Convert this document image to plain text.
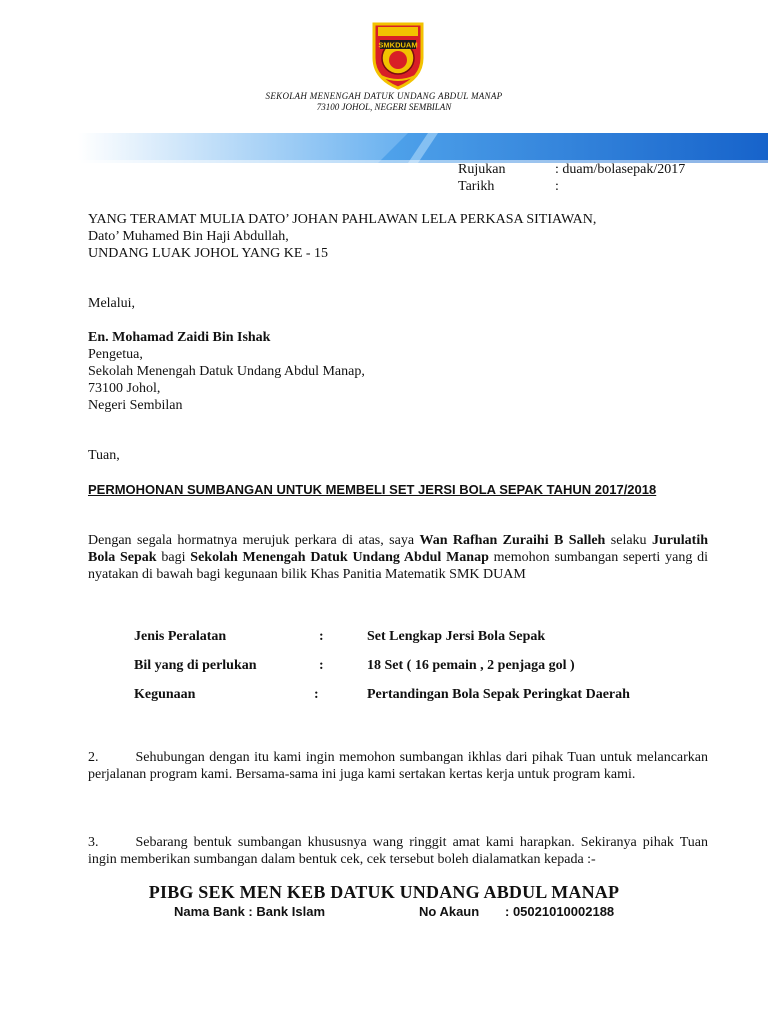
SMKDUAM
SEKOLAH MENENGAH DATUK UNDANG ABDUL MANAP
73100 JOHOL, NEGERI SEMBILAN
Rujukan	: duam/bolasepak/2017
Tarikh	:
YANG TERAMAT MULIA DATO’ JOHAN PAHLAWAN LELA PERKASA SITIAWAN,
Dato’ Muhamed Bin Haji Abdullah,
UNDANG LUAK JOHOL YANG KE - 15
Melalui,
En. Mohamad Zaidi Bin Ishak
Pengetua,
Sekolah Menengah Datuk Undang Abdul Manap,
73100 Johol,
Negeri Sembilan
Tuan,
PERMOHONAN SUMBANGAN UNTUK MEMBELI SET JERSI BOLA SEPAK TAHUN 2017/2018
Dengan segala hormatnya merujuk perkara di atas, saya Wan Rafhan Zuraihi B Salleh selaku Jurulatih Bola Sepak bagi Sekolah Menengah Datuk Undang Abdul Manap memohon sumbangan seperti yang di nyatakan di bawah bagi kegunaan bilik Khas Panitia Matematik SMK DUAM
Jenis Peralatan	:	Set Lengkap Jersi Bola Sepak
Bil yang di perlukan	:	18 Set ( 16 pemain , 2 penjaga gol )
Kegunaan	:	Pertandingan Bola Sepak Peringkat Daerah
2.	Sehubungan dengan itu kami ingin memohon sumbangan ikhlas dari pihak Tuan untuk melancarkan perjalanan program kami. Bersama-sama ini juga kami sertakan kertas kerja untuk program kami.
3.	Sebarang bentuk sumbangan khususnya wang ringgit amat kami harapkan. Sekiranya pihak Tuan ingin memberikan sumbangan dalam bentuk cek, cek tersebut boleh dialamatkan kepada :-
PIBG SEK MEN KEB DATUK UNDANG ABDUL MANAP
Nama Bank : Bank Islam	No Akaun : 05021010002188
